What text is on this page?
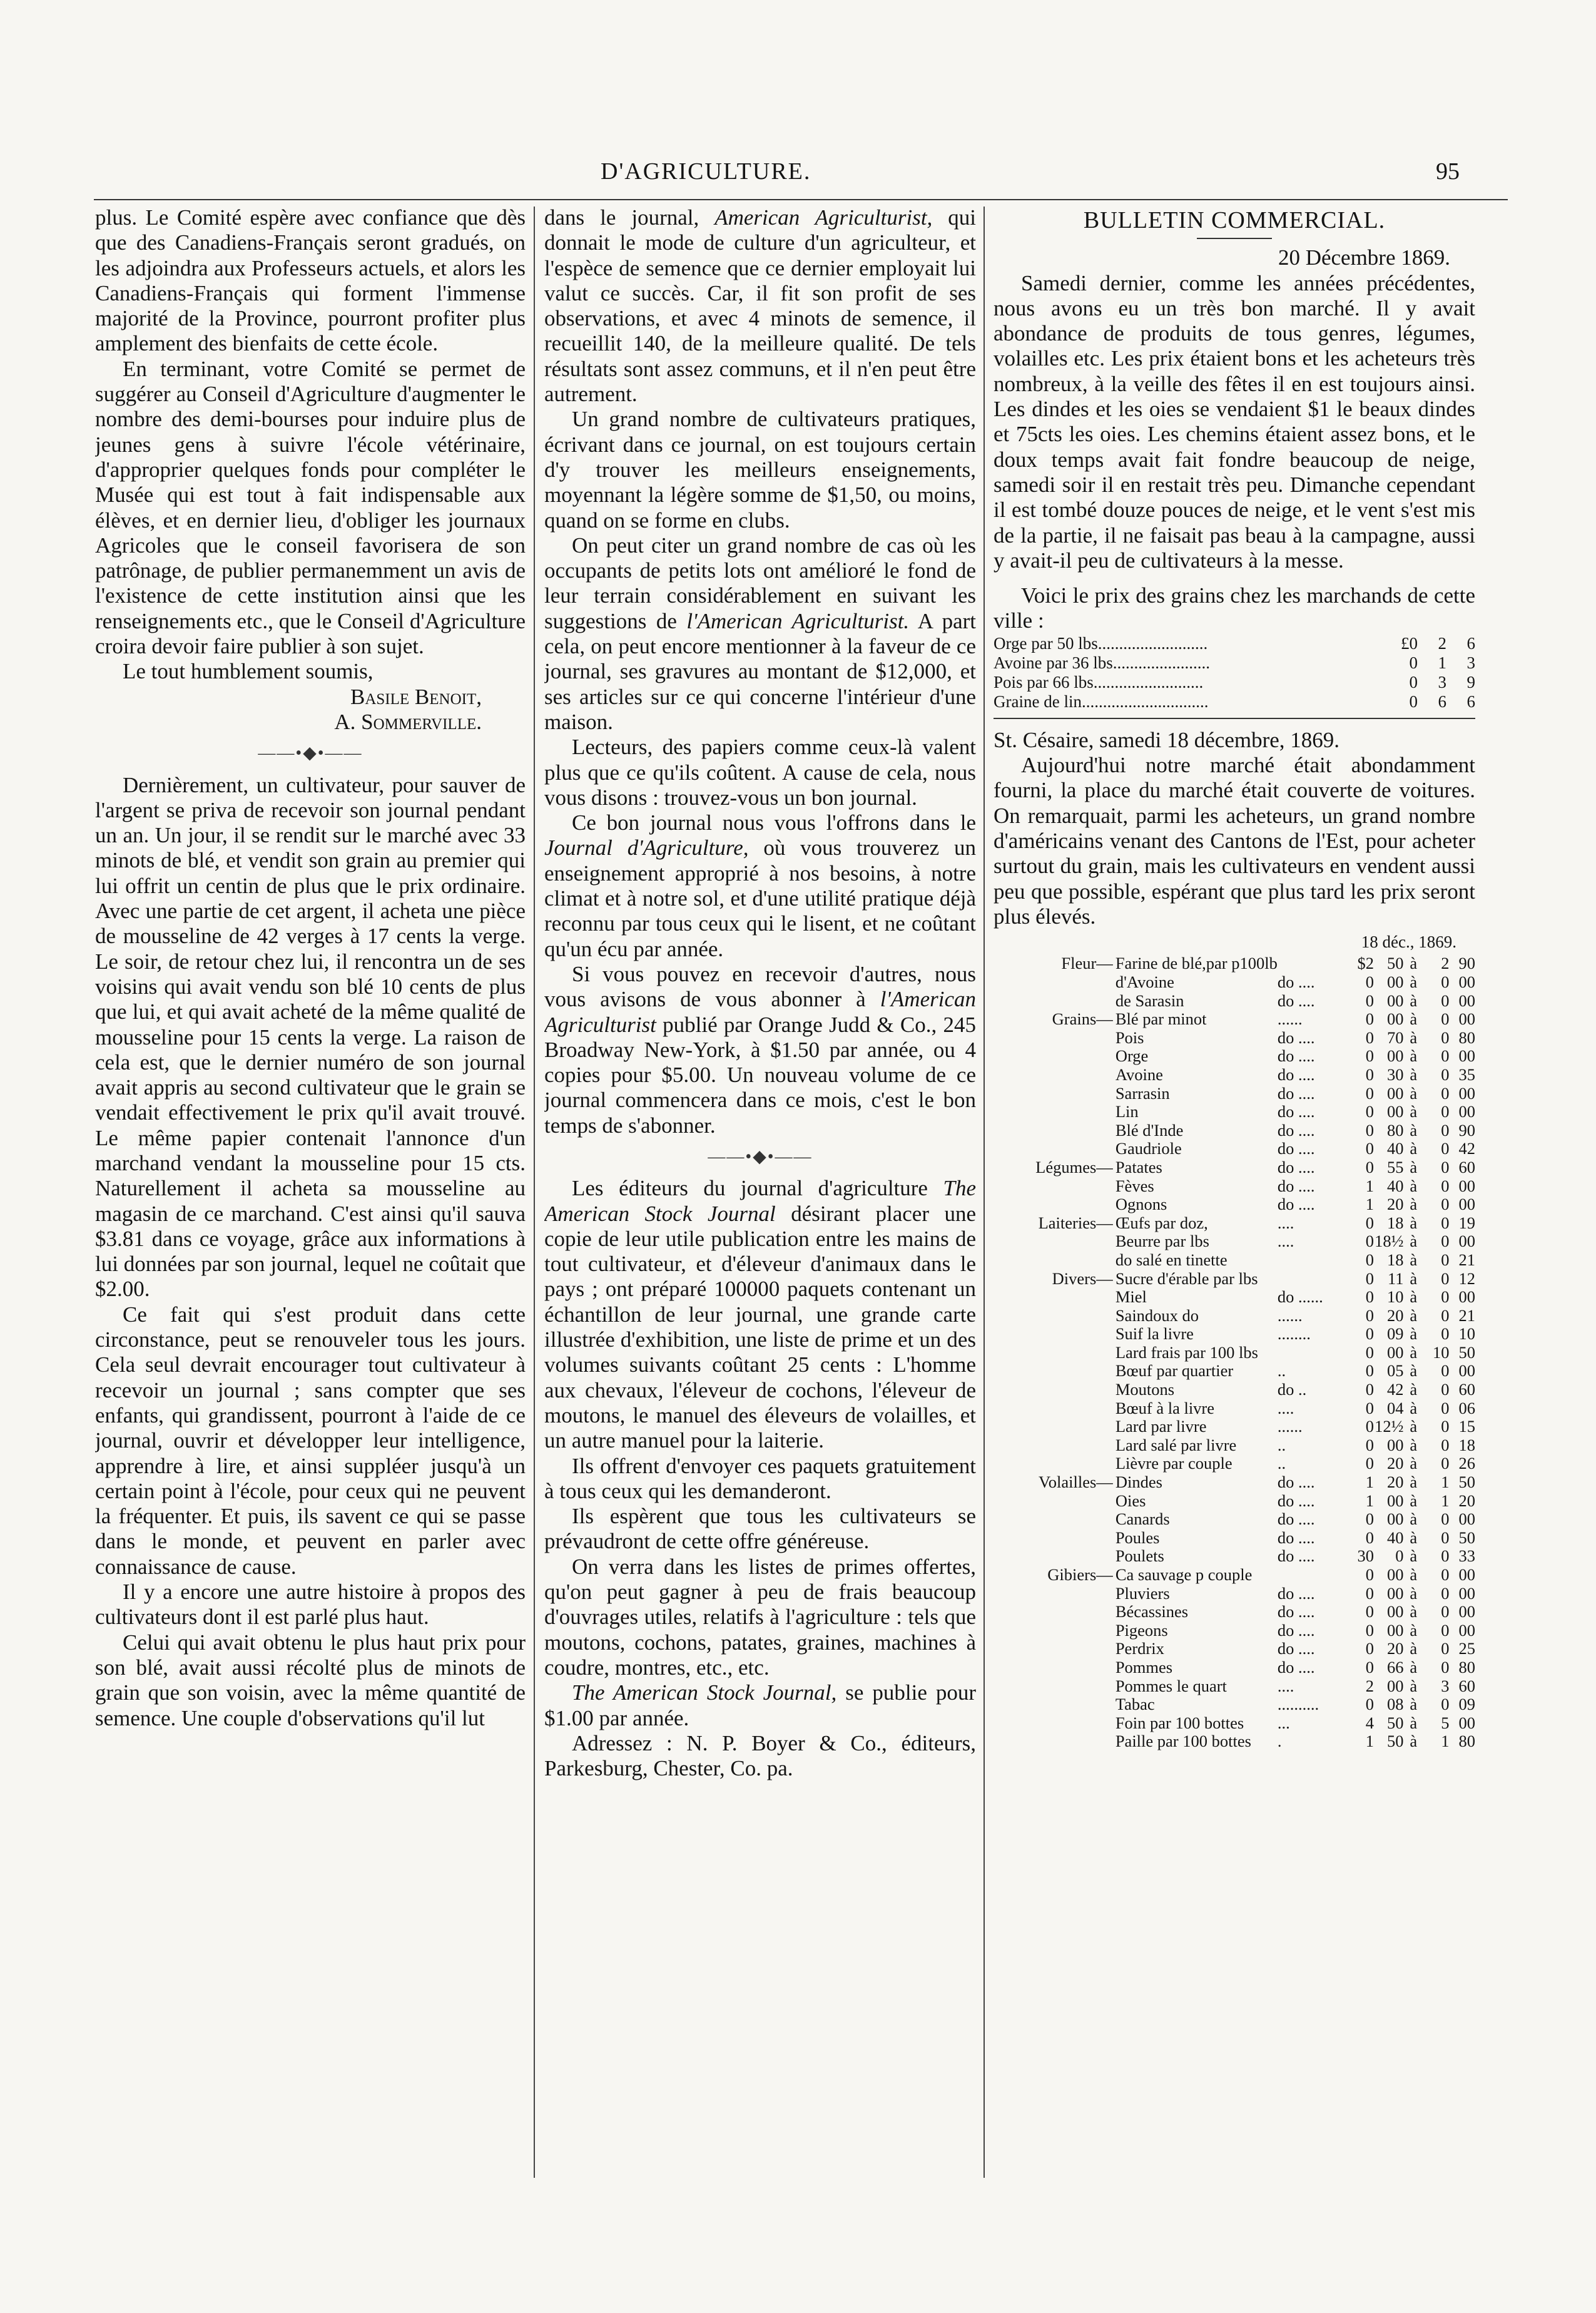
D'AGRICULTURE.	95

plus. Le Comité espère avec confiance que dès que des Canadiens-Français seront gradués, on les adjoindra aux Professeurs actuels, et alors les Canadiens-Français qui forment l'immense majorité de la Province, pourront profiter plus amplement des bienfaits de cette école.

En terminant, votre Comité se permet de suggérer au Conseil d'Agriculture d'augmenter le nombre des demi-bourses pour induire plus de jeunes gens à suivre l'école vétérinaire, d'approprier quelques fonds pour compléter le Musée qui est tout à fait indispensable aux élèves, et en dernier lieu, d'obliger les journaux Agricoles que le conseil favorisera de son patrônage, de publier permanemment un avis de l'existence de cette institution ainsi que les renseignements etc., que le Conseil d'Agriculture croira devoir faire publier à son sujet.

Le tout humblement soumis,

Basile Benoit,
A. Sommerville.
——•◆•——

Dernièrement, un cultivateur, pour sauver de l'argent se priva de recevoir son journal pendant un an. Un jour, il se rendit sur le marché avec 33 minots de blé, et vendit son grain au premier qui lui offrit un centin de plus que le prix ordinaire. Avec une partie de cet argent, il acheta une pièce de mousseline de 42 verges à 17 cents la verge. Le soir, de retour chez lui, il rencontra un de ses voisins qui avait vendu son blé 10 cents de plus que lui, et qui avait acheté de la même qualité de mousseline pour 15 cents la verge. La raison de cela est, que le dernier numéro de son journal avait appris au second cultivateur que le grain se vendait effectivement le prix qu'il avait trouvé. Le même papier contenait l'annonce d'un marchand vendant la mousseline pour 15 cts. Naturellement il acheta sa mousseline au magasin de ce marchand. C'est ainsi qu'il sauva $3.81 dans ce voyage, grâce aux informations à lui données par son journal, lequel ne coûtait que $2.00.

Ce fait qui s'est produit dans cette circonstance, peut se renouveler tous les jours. Cela seul devrait encourager tout cultivateur à recevoir un journal ; sans compter que ses enfants, qui grandissent, pourront à l'aide de ce journal, ouvrir et développer leur intelligence, apprendre à lire, et ainsi suppléer jusqu'à un certain point à l'école, pour ceux qui ne peuvent la fréquenter. Et puis, ils savent ce qui se passe dans le monde, et peuvent en parler avec connaissance de cause.

Il y a encore une autre histoire à propos des cultivateurs dont il est parlé plus haut.

Celui qui avait obtenu le plus haut prix pour son blé, avait aussi récolté plus de minots de grain que son voisin, avec la même quantité de semence. Une couple d'observations qu'il lut

dans le journal, American Agriculturist, qui donnait le mode de culture d'un agriculteur, et l'espèce de semence que ce dernier employait lui valut ce succès. Car, il fit son profit de ses observations, et avec 4 minots de semence, il recueillit 140, de la meilleure qualité. De tels résultats sont assez communs, et il n'en peut être autrement.

Un grand nombre de cultivateurs pratiques, écrivant dans ce journal, on est toujours certain d'y trouver les meilleurs enseignements, moyennant la légère somme de $1,50, ou moins, quand on se forme en clubs.

On peut citer un grand nombre de cas où les occupants de petits lots ont amélioré le fond de leur terrain considérablement en suivant les suggestions de l'American Agriculturist. A part cela, on peut encore mentionner à la faveur de ce journal, ses gravures au montant de $12,000, et ses articles sur ce qui concerne l'intérieur d'une maison.

Lecteurs, des papiers comme ceux-là valent plus que ce qu'ils coûtent. A cause de cela, nous vous disons : trouvez-vous un bon journal.

Ce bon journal nous vous l'offrons dans le Journal d'Agriculture, où vous trouverez un enseignement approprié à nos besoins, à notre climat et à notre sol, et d'une utilité pratique déjà reconnu par tous ceux qui le lisent, et ne coûtant qu'un écu par année.

Si vous pouvez en recevoir d'autres, nous vous avisons de vous abonner à l'American Agriculturist publié par Orange Judd & Co., 245 Broadway New-York, à $1.50 par année, ou 4 copies pour $5.00. Un nouveau volume de ce journal commencera dans ce mois, c'est le bon temps de s'abonner.

——•◆•——

Les éditeurs du journal d'agriculture The American Stock Journal désirant placer une copie de leur utile publication entre les mains de tout cultivateur, et d'éleveur d'animaux dans le pays ; ont préparé 100000 paquets contenant un échantillon de leur journal, une grande carte illustrée d'exhibition, une liste de prime et un des volumes suivants coûtant 25 cents : L'homme aux chevaux, l'éleveur de cochons, l'éleveur de moutons, le manuel des éleveurs de volailles, et un autre manuel pour la laiterie.

Ils offrent d'envoyer ces paquets gratuitement à tous ceux qui les demanderont.

Ils espèrent que tous les cultivateurs se prévaudront de cette offre généreuse.

On verra dans les listes de primes offertes, qu'on peut gagner à peu de frais beaucoup d'ouvrages utiles, relatifs à l'agriculture : tels que moutons, cochons, patates, graines, machines à coudre, montres, etc., etc.

The American Stock Journal, se publie pour $1.00 par année.

Adressez : N. P. Boyer & Co., éditeurs, Parkesburg, Chester, Co. pa.

BULLETIN COMMERCIAL.
20 Décembre 1869.

Samedi dernier, comme les années précédentes, nous avons eu un très bon marché. Il y avait abondance de produits de tous genres, légumes, volailles etc. Les prix étaient bons et les acheteurs très nombreux, à la veille des fêtes il en est toujours ainsi. Les dindes et les oies se vendaient $1 le beaux dindes et 75cts les oies. Les chemins étaient assez bons, et le doux temps avait fait fondre beaucoup de neige, samedi soir il en restait très peu. Dimanche cependant il est tombé douze pouces de neige, et le vent s'est mis de la partie, il ne faisait pas beau à la campagne, aussi y avait-il peu de cultivateurs à la messe.

Voici le prix des grains chez les marchands de cette ville :

Orge par 50 lbs..........................	£0	2	6
Avoine par 36 lbs.......................	0	1	3
Pois par 66 lbs..........................	0	3	9
Graine de lin..............................	0	6	6

St. Césaire, samedi 18 décembre, 1869.

Aujourd'hui notre marché était abondamment fourni, la place du marché était couverte de voitures. On remarquait, parmi les acheteurs, un grand nombre d'américains venant des Cantons de l'Est, pour acheter surtout du grain, mais les cultivateurs en vendent aussi peu que possible, espérant que plus tard les prix seront plus élevés.

18 déc., 1869.
Fleur—	Farine de blé,par p100lb		$2	50	à	2	90
	d'Avoine	do ....	0	00	à	0	00
	de Sarasin	do ....	0	00	à	0	00
Grains—	Blé par minot	......	0	00	à	0	00
	Pois	do ....	0	70	à	0	80
	Orge	do ....	0	00	à	0	00
	Avoine	do ....	0	30	à	0	35
	Sarrasin	do ....	0	00	à	0	00
	Lin	do ....	0	00	à	0	00
	Blé d'Inde	do ....	0	80	à	0	90
	Gaudriole	do ....	0	40	à	0	42
Légumes—	Patates	do ....	0	55	à	0	60
	Fèves	do ....	1	40	à	0	00
	Ognons	do ....	1	20	à	0	00
Laiteries—	Œufs par doz,	....	0	18	à	0	19
	Beurre par lbs	....	0	18½	à	0	00
	do salé en tinette		0	18	à	0	21
Divers—	Sucre d'érable par lbs		0	11	à	0	12
	Miel	do ......	0	10	à	0	00
	Saindoux do	......	0	20	à	0	21
	Suif la livre	........	0	09	à	0	10
	Lard frais par 100 lbs		0	00	à	10	50
	Bœuf par quartier	..	0	05	à	0	00
	Moutons	do ..	0	42	à	0	60
	Bœuf à la livre	....	0	04	à	0	06
	Lard par livre	......	0	12½	à	0	15
	Lard salé par livre	..	0	00	à	0	18
	Lièvre par couple	..	0	20	à	0	26
Volailles—	Dindes	do ....	1	20	à	1	50
	Oies	do ....	1	00	à	1	20
	Canards	do ....	0	00	à	0	00
	Poules	do ....	0	40	à	0	50
	Poulets	do ....	30	0	à	0	33
Gibiers—	Ca sauvage p couple		0	00	à	0	00
	Pluviers	do ....	0	00	à	0	00
	Bécassines	do ....	0	00	à	0	00
	Pigeons	do ....	0	00	à	0	00
	Perdrix	do ....	0	20	à	0	25
	Pommes	do ....	0	66	à	0	80
	Pommes le quart	....	2	00	à	3	60
	Tabac	..........	0	08	à	0	09
	Foin par 100 bottes	...	4	50	à	5	00
	Paille par 100 bottes	.	1	50	à	1	80
